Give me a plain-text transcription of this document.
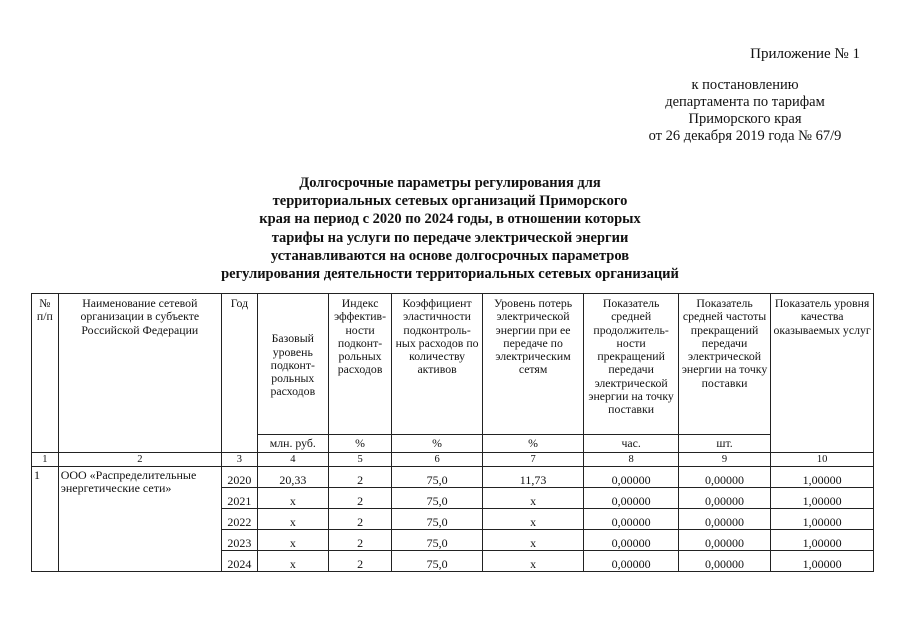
Приложение № 1
к постановлению
департамента по тарифам
Приморского края
от 26 декабря 2019 года № 67/9
Долгосрочные параметры регулирования для
территориальных сетевых организаций Приморского
края на период с 2020 по 2024 годы, в отношении которых
тарифы на услуги по передаче электрической энергии
устанавливаются на основе долгосрочных параметров
регулирования деятельности территориальных сетевых организаций
№ п/п	Наименование сетевой организации в субъекте Российской Федерации	Год	Базовый уровень подконт-рольных расходов	Индекс эффектив-ности подконт-рольных расходов	Коэффициент эластичности подконтроль-ных расходов по количеству активов	Уровень потерь электрической энергии при ее передаче по электрическим сетям	Показатель средней продолжитель-ности прекращений передачи электрической энергии на точку поставки	Показатель средней частоты прекращений передачи электрической энергии на точку поставки	Показатель уровня качества оказываемых услуг
			млн. руб.	%	%	%	час.	шт.	
1	2	3	4	5	6	7	8	9	10
1	ООО «Распределительные энергетические сети»	2020	20,33	2	75,0	11,73	0,00000	0,00000	1,00000
		2021	x	2	75,0	x	0,00000	0,00000	1,00000
		2022	x	2	75,0	x	0,00000	0,00000	1,00000
		2023	x	2	75,0	x	0,00000	0,00000	1,00000
		2024	x	2	75,0	x	0,00000	0,00000	1,00000
